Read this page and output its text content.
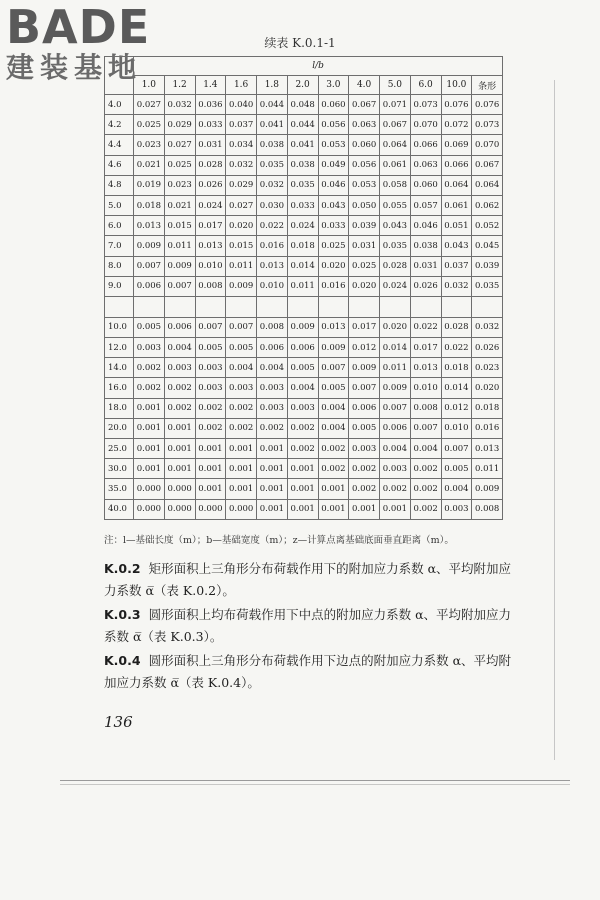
BADE
建装基地
续表 K.0.1-1
	l/b											
	1.0	1.2	1.4	1.6	1.8	2.0	3.0	4.0	5.0	6.0	10.0	条形
4.0	0.027	0.032	0.036	0.040	0.044	0.048	0.060	0.067	0.071	0.073	0.076	0.076
4.2	0.025	0.029	0.033	0.037	0.041	0.044	0.056	0.063	0.067	0.070	0.072	0.073
4.4	0.023	0.027	0.031	0.034	0.038	0.041	0.053	0.060	0.064	0.066	0.069	0.070
4.6	0.021	0.025	0.028	0.032	0.035	0.038	0.049	0.056	0.061	0.063	0.066	0.067
4.8	0.019	0.023	0.026	0.029	0.032	0.035	0.046	0.053	0.058	0.060	0.064	0.064
5.0	0.018	0.021	0.024	0.027	0.030	0.033	0.043	0.050	0.055	0.057	0.061	0.062
6.0	0.013	0.015	0.017	0.020	0.022	0.024	0.033	0.039	0.043	0.046	0.051	0.052
7.0	0.009	0.011	0.013	0.015	0.016	0.018	0.025	0.031	0.035	0.038	0.043	0.045
8.0	0.007	0.009	0.010	0.011	0.013	0.014	0.020	0.025	0.028	0.031	0.037	0.039
9.0	0.006	0.007	0.008	0.009	0.010	0.011	0.016	0.020	0.024	0.026	0.032	0.035

10.0	0.005	0.006	0.007	0.007	0.008	0.009	0.013	0.017	0.020	0.022	0.028	0.032
12.0	0.003	0.004	0.005	0.005	0.006	0.006	0.009	0.012	0.014	0.017	0.022	0.026
14.0	0.002	0.003	0.003	0.004	0.004	0.005	0.007	0.009	0.011	0.013	0.018	0.023
16.0	0.002	0.002	0.003	0.003	0.003	0.004	0.005	0.007	0.009	0.010	0.014	0.020
18.0	0.001	0.002	0.002	0.002	0.003	0.003	0.004	0.006	0.007	0.008	0.012	0.018
20.0	0.001	0.001	0.002	0.002	0.002	0.002	0.004	0.005	0.006	0.007	0.010	0.016
25.0	0.001	0.001	0.001	0.001	0.001	0.002	0.002	0.003	0.004	0.004	0.007	0.013
30.0	0.001	0.001	0.001	0.001	0.001	0.001	0.002	0.002	0.003	0.002	0.005	0.011
35.0	0.000	0.000	0.001	0.001	0.001	0.001	0.001	0.002	0.002	0.002	0.004	0.009
40.0	0.000	0.000	0.000	0.000	0.001	0.001	0.001	0.001	0.001	0.002	0.003	0.008
注：l—基础长度（m）；b—基础宽度（m）；z—计算点离基础底面垂直距离（m）。
K.0.2 矩形面积上三角形分布荷载作用下的附加应力系数 α、平均附加应力系数 α̅（表 K.0.2）。
K.0.3 圆形面积上均布荷载作用下中点的附加应力系数 α、平均附加应力系数 α̅（表 K.0.3）。
K.0.4 圆形面积上三角形分布荷载作用下边点的附加应力系数 α、平均附加应力系数 α̅（表 K.0.4）。
136
